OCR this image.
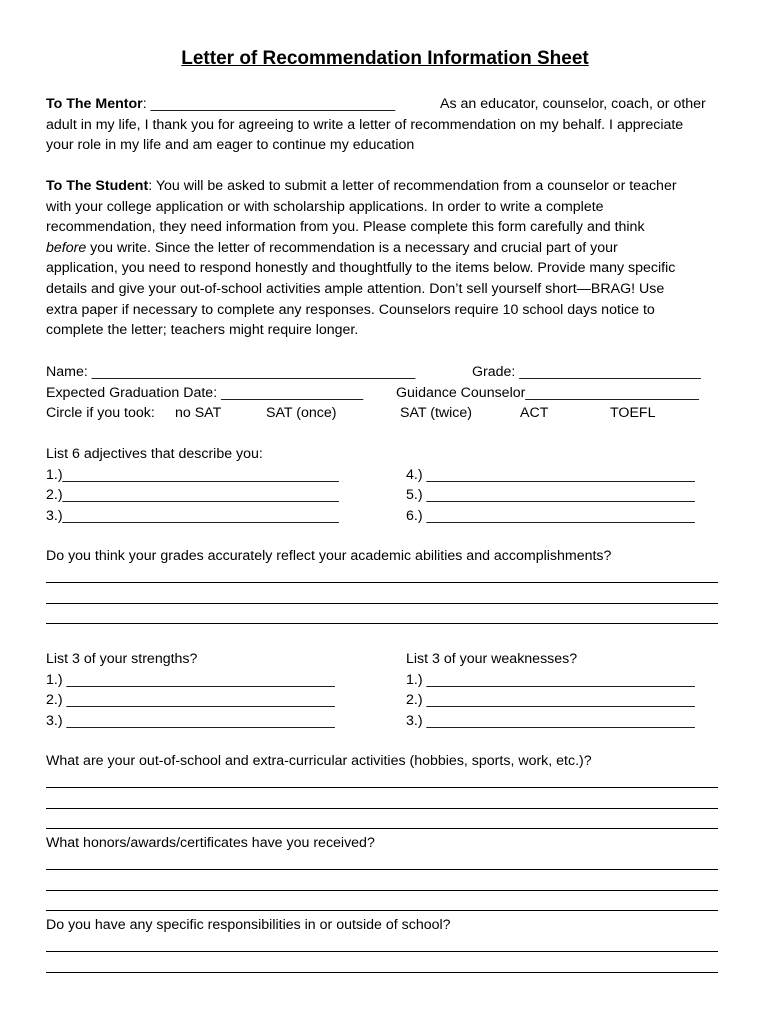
Letter of Recommendation Information Sheet
To The Mentor: _______________________________	As an educator, counselor, coach, or other
adult in my life, I thank you for agreeing to write a letter of recommendation on my behalf. I appreciate
your role in my life and am eager to continue my education
To The Student: You will be asked to submit a letter of recommendation from a counselor or teacher
with your college application or with scholarship applications. In order to write a complete
recommendation, they need information from you. Please complete this form carefully and think
before you write. Since the letter of recommendation is a necessary and crucial part of your
application, you need to respond honestly and thoughtfully to the items below. Provide many specific
details and give your out-of-school activities ample attention. Don’t sell yourself short—BRAG! Use
extra paper if necessary to complete any responses. Counselors require 10 school days notice to
complete the letter; teachers might require longer.
Name: _________________________________________	Grade: _______________________
Expected Graduation Date: __________________ Guidance Counselor______________________
Circle if you took: no SAT	SAT (once)	SAT (twice)	ACT	TOEFL
List 6 adjectives that describe you:
1.)___________________________________
2.)___________________________________
3.)___________________________________
4.) __________________________________
5.) __________________________________
6.) __________________________________
Do you think your grades accurately reflect your academic abilities and accomplishments?
List 3 of your strengths?
1.) __________________________________
2.) __________________________________
3.) __________________________________
List 3 of your weaknesses?
1.) __________________________________
2.) __________________________________
3.) __________________________________
What are your out-of-school and extra-curricular activities (hobbies, sports, work, etc.)?
What honors/awards/certificates have you received?
Do you have any specific responsibilities in or outside of school?
